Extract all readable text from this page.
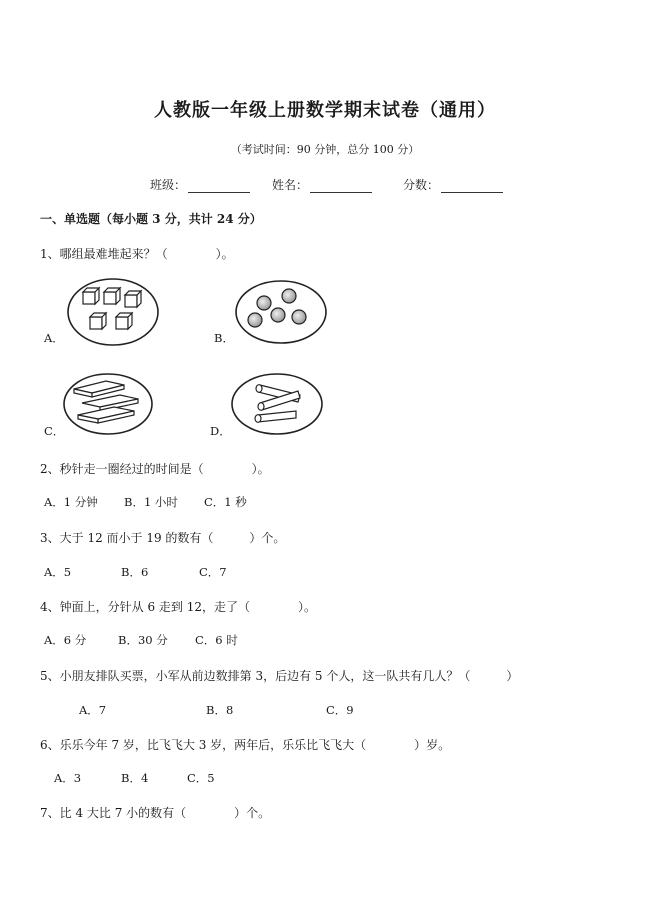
人教版一年级上册数学期末试卷（通用）
（考试时间：90 分钟，总分 100 分）
班级：	姓名：	分数：
一、单选题（每小题 3 分，共计 24 分）
1、哪组最难堆起来？（　　　　）。
A．	B．
C．	D．
2、秒针走一圈经过的时间是（　　　　）。
A．1 分钟 B．1 小时 C．1 秒
3、大于 12 而小于 19 的数有（　　　）个。
A．5	B．6	C．7
4、钟面上，分针从 6 走到 12，走了（　　　　）。
A．6 分	B．30 分 C．6 时
5、小朋友排队买票，小军从前边数排第 3，后边有 5 个人，这一队共有几人？（　　　）
A．7	B．8	C．9
6、乐乐今年 7 岁，比飞飞大 3 岁，两年后，乐乐比飞飞大（　　　　）岁。
A．3	B．4	C．5
7、比 4 大比 7 小的数有（　　　　）个。
